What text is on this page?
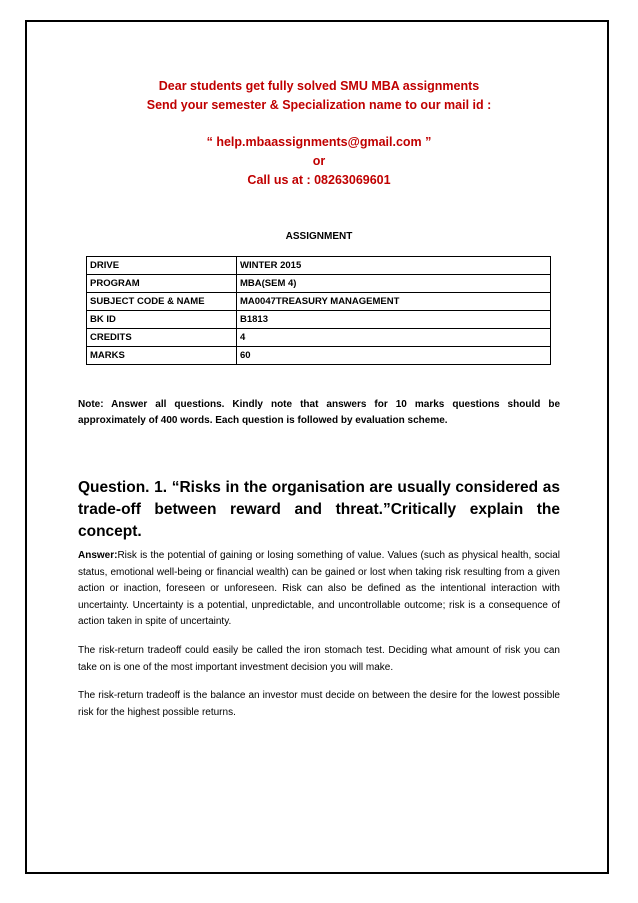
Dear students get fully solved SMU MBA assignments
Send your semester & Specialization name to our mail id :
“ help.mbaassignments@gmail.com ”
or
Call us at : 08263069601
ASSIGNMENT
DRIVE	WINTER 2015
PROGRAM	MBA(SEM 4)
SUBJECT CODE & NAME	MA0047TREASURY MANAGEMENT
BK ID	B1813
CREDITS	4
MARKS	60
Note: Answer all questions. Kindly note that answers for 10 marks questions should be approximately of 400 words. Each question is followed by evaluation scheme.
Question. 1. “Risks in the organisation are usually considered as trade-off between reward and threat.”Critically explain the concept.
Answer:Risk is the potential of gaining or losing something of value. Values (such as physical health, social status, emotional well-being or financial wealth) can be gained or lost when taking risk resulting from a given action or inaction, foreseen or unforeseen. Risk can also be defined as the intentional interaction with uncertainty. Uncertainty is a potential, unpredictable, and uncontrollable outcome; risk is a consequence of action taken in spite of uncertainty.
The risk-return tradeoff could easily be called the iron stomach test. Deciding what amount of risk you can take on is one of the most important investment decision you will make.
The risk-return tradeoff is the balance an investor must decide on between the desire for the lowest possible risk for the highest possible returns.
